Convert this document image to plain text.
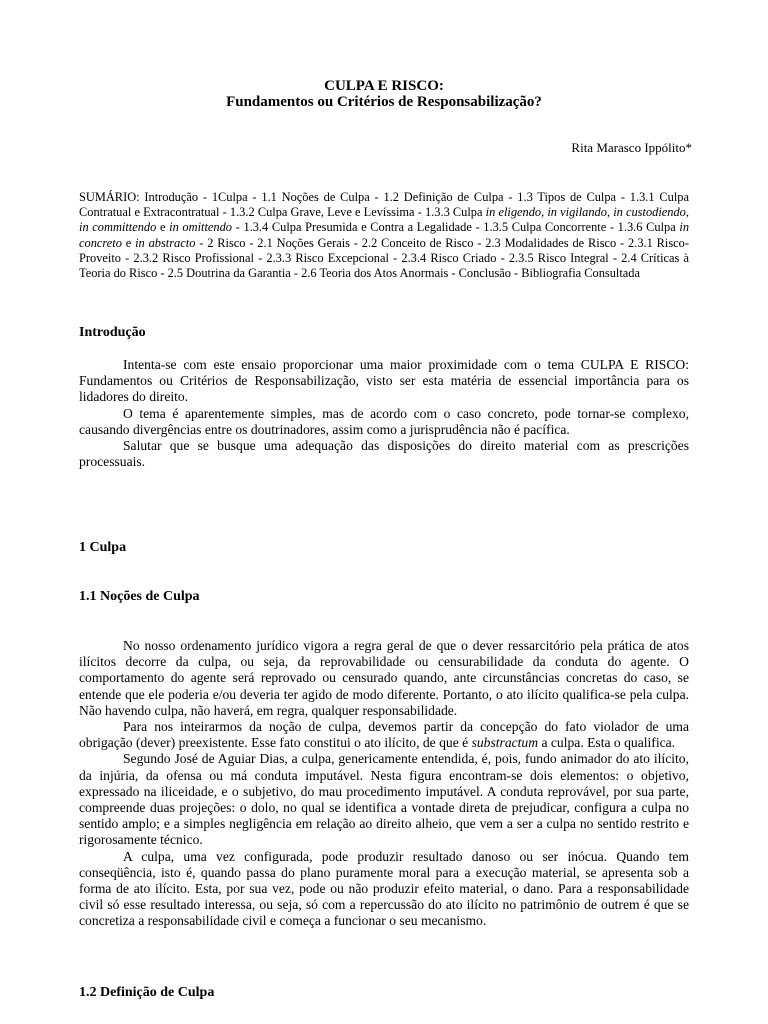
CULPA E RISCO:
Fundamentos ou Critérios de Responsabilização?
Rita Marasco Ippólito*
SUMÁRIO: Introdução - 1Culpa - 1.1 Noções de Culpa - 1.2 Definição de Culpa - 1.3 Tipos de Culpa - 1.3.1 Culpa Contratual e Extracontratual - 1.3.2 Culpa Grave, Leve e Levíssima - 1.3.3 Culpa in eligendo, in vigilando, in custodiendo, in committendo e in omittendo - 1.3.4 Culpa Presumida e Contra a Legalidade - 1.3.5 Culpa Concorrente - 1.3.6 Culpa in concreto e in abstracto - 2 Risco - 2.1 Noções Gerais - 2.2 Conceito de Risco - 2.3 Modalidades de Risco - 2.3.1 Risco-Proveito - 2.3.2 Risco Profissional - 2.3.3 Risco Excepcional - 2.3.4 Risco Criado - 2.3.5 Risco Integral - 2.4 Críticas à Teoria do Risco - 2.5 Doutrina da Garantia - 2.6 Teoria dos Atos Anormais - Conclusão - Bibliografia Consultada
Introdução

Intenta-se com este ensaio proporcionar uma maior proximidade com o tema CULPA E RISCO: Fundamentos ou Critérios de Responsabilização, visto ser esta matéria de essencial importância para os lidadores do direito.

O tema é aparentemente simples, mas de acordo com o caso concreto, pode tornar-se complexo, causando divergências entre os doutrinadores, assim como a jurisprudência não é pacífica.

Salutar que se busque uma adequação das disposições do direito material com as prescrições processuais.

1 Culpa
1.1 Noções de Culpa

No nosso ordenamento jurídico vigora a regra geral de que o dever ressarcitório pela prática de atos ilícitos decorre da culpa, ou seja, da reprovabilidade ou censurabilidade da conduta do agente. O comportamento do agente será reprovado ou censurado quando, ante circunstâncias concretas do caso, se entende que ele poderia e/ou deveria ter agido de modo diferente. Portanto, o ato ilícito qualifica-se pela culpa. Não havendo culpa, não haverá, em regra, qualquer responsabilidade.

Para nos inteirarmos da noção de culpa, devemos partir da concepção do fato violador de uma obrigação (dever) preexistente. Esse fato constitui o ato ilícito, de que é substractum a culpa. Esta o qualifica.

Segundo José de Aguiar Dias, a culpa, genericamente entendida, é, pois, fundo animador do ato ilícito, da injúria, da ofensa ou má conduta imputável. Nesta figura encontram-se dois elementos: o objetivo, expressado na iliceidade, e o subjetivo, do mau procedimento imputável. A conduta reprovável, por sua parte, compreende duas projeções: o dolo, no qual se identifica a vontade direta de prejudicar, configura a culpa no sentido amplo; e a simples negligência em relação ao direito alheio, que vem a ser a culpa no sentido restrito e rigorosamente técnico.

A culpa, uma vez configurada, pode produzir resultado danoso ou ser inócua. Quando tem conseqüência, isto é, quando passa do plano puramente moral para a execução material, se apresenta sob a forma de ato ilícito. Esta, por sua vez, pode ou não produzir efeito material, o dano. Para a responsabilidade civil só esse resultado interessa, ou seja, só com a repercussão do ato ilícito no patrimônio de outrem é que se concretiza a responsabilidade civil e começa a funcionar o seu mecanismo.

1.2 Definição de Culpa
